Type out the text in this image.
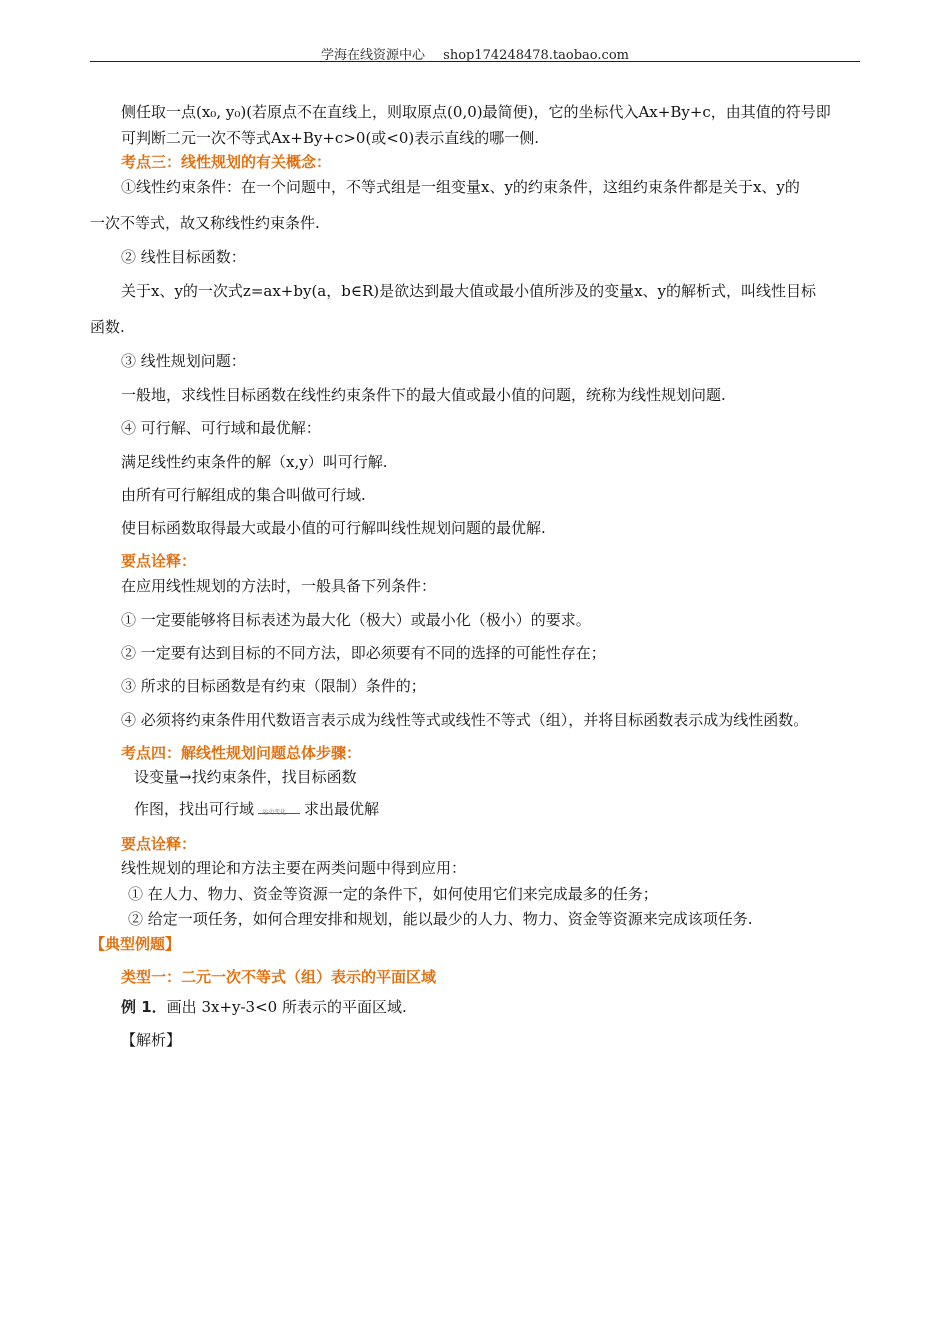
学海在线资源中心 shop174248478.taobao.com
侧任取一点(x₀, y₀)(若原点不在直线上，则取原点(0,0)最简便)，它的坐标代入Ax+By+c，由其值的符号即
可判断二元一次不等式Ax+By+c>0(或<0)表示直线的哪一侧.
考点三：线性规划的有关概念：
①线性约束条件：在一个问题中，不等式组是一组变量x、y的约束条件，这组约束条件都是关于x、y的
一次不等式，故又称线性约束条件.
② 线性目标函数：
关于x、y的一次式z=ax+by(a，b∈R)是欲达到最大值或最小值所涉及的变量x、y的解析式，叫线性目标
函数.
③ 线性规划问题：
一般地，求线性目标函数在线性约束条件下的最大值或最小值的问题，统称为线性规划问题.
④ 可行解、可行域和最优解：
满足线性约束条件的解（x,y）叫可行解.
由所有可行解组成的集合叫做可行域.
使目标函数取得最大或最小值的可行解叫线性规划问题的最优解.
要点诠释：
在应用线性规划的方法时，一般具备下列条件：
① 一定要能够将目标表述为最大化（极大）或最小化（极小）的要求。
② 一定要有达到目标的不同方法，即必须要有不同的选择的可能性存在；
③ 所求的目标函数是有约束（限制）条件的；
④ 必须将约束条件用代数语言表示成为线性等式或线性不等式（组），并将目标函数表示成为线性函数。
考点四：解线性规划问题总体步骤：
设变量→找约束条件，找目标函数
作图，找出可行域 运动变化 求出最优解
要点诠释：
线性规划的理论和方法主要在两类问题中得到应用：
① 在人力、物力、资金等资源一定的条件下，如何使用它们来完成最多的任务；
② 给定一项任务，如何合理安排和规划，能以最少的人力、物力、资金等资源来完成该项任务.
【典型例题】
类型一：二元一次不等式（组）表示的平面区域
例 1．画出 3x+y-3<0 所表示的平面区域.
【解析】
